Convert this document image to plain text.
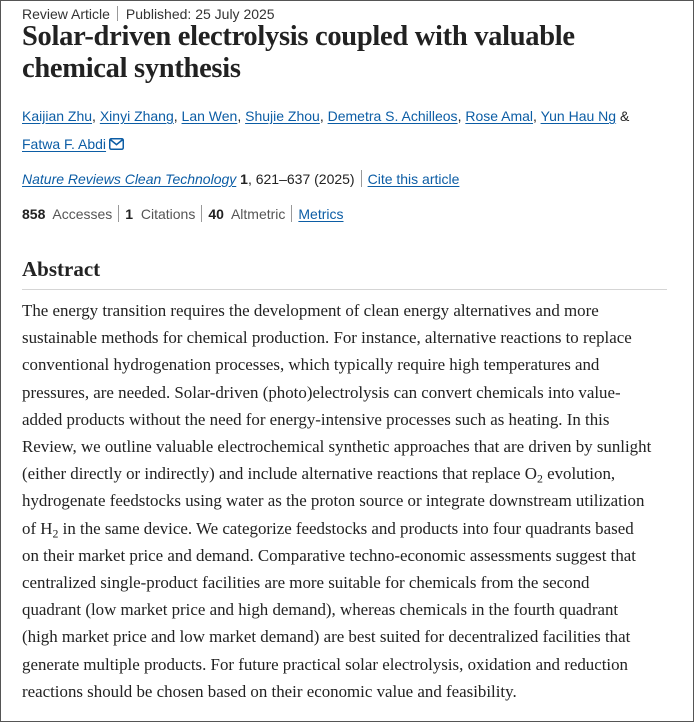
Review Article Published: 25 July 2025
Solar-driven electrolysis coupled with valuable
chemical synthesis
Kaijian Zhu, Xinyi Zhang, Lan Wen, Shujie Zhou, Demetra S. Achilleos, Rose Amal, Yun Hau Ng & Fatwa F. Abdi
Nature Reviews Clean Technology 1, 621–637 (2025) Cite this article
858 Accesses 1 Citations 40 Altmetric Metrics
Abstract

The energy transition requires the development of clean energy alternatives and more
sustainable methods for chemical production. For instance, alternative reactions to replace
conventional hydrogenation processes, which typically require high temperatures and
pressures, are needed. Solar-driven (photo)electrolysis can convert chemicals into value-
added products without the need for energy-intensive processes such as heating. In this
Review, we outline valuable electrochemical synthetic approaches that are driven by sunlight
(either directly or indirectly) and include alternative reactions that replace $O_2$ evolution,
hydrogenate feedstocks using water as the proton source or integrate downstream utilization
of $H_2$ in the same device. We categorize feedstocks and products into four quadrants based
on their market price and demand. Comparative techno-economic assessments suggest that
centralized single-product facilities are more suitable for chemicals from the second
quadrant (low market price and high demand), whereas chemicals in the fourth quadrant
(high market price and low market demand) are best suited for decentralized facilities that
generate multiple products. For future practical solar electrolysis, oxidation and reduction
reactions should be chosen based on their economic value and feasibility.
